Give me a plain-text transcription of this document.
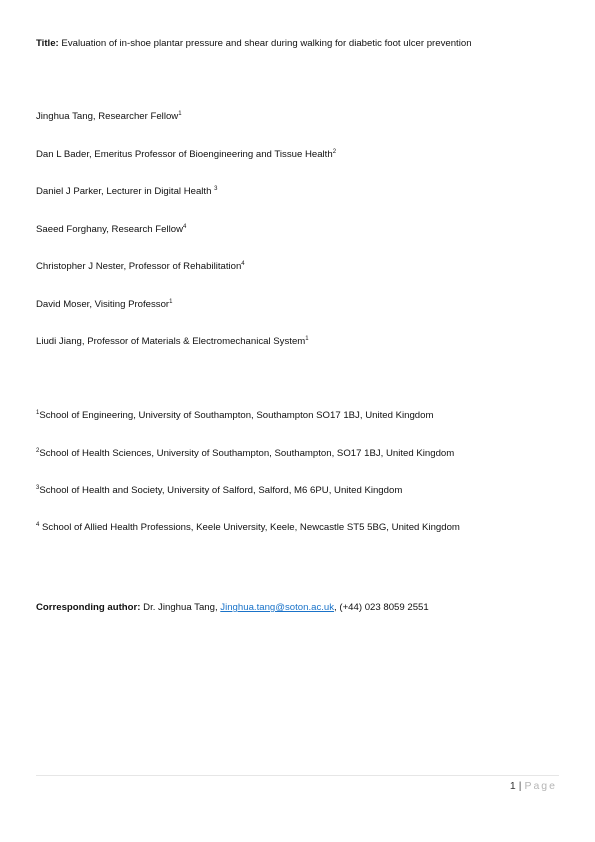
Title: Evaluation of in-shoe plantar pressure and shear during walking for diabetic foot ulcer prevention
Jinghua Tang, Researcher Fellow$^1$
Dan L Bader, Emeritus Professor of Bioengineering and Tissue Health$^2$
Daniel J Parker, Lecturer in Digital Health $^3$
Saeed Forghany, Research Fellow$^4$
Christopher J Nester, Professor of Rehabilitation$^4$
David Moser, Visiting Professor$^1$
Liudi Jiang, Professor of Materials & Electromechanical System$^1$
$^1$School of Engineering, University of Southampton, Southampton SO17 1BJ, United Kingdom
$^2$School of Health Sciences, University of Southampton, Southampton, SO17 1BJ, United Kingdom
$^3$School of Health and Society, University of Salford, Salford, M6 6PU, United Kingdom
$^4$ School of Allied Health Professions, Keele University, Keele, Newcastle ST5 5BG, United Kingdom
Corresponding author: Dr. Jinghua Tang, Jinghua.tang@soton.ac.uk, (+44) 023 8059 2551
1 | Page
